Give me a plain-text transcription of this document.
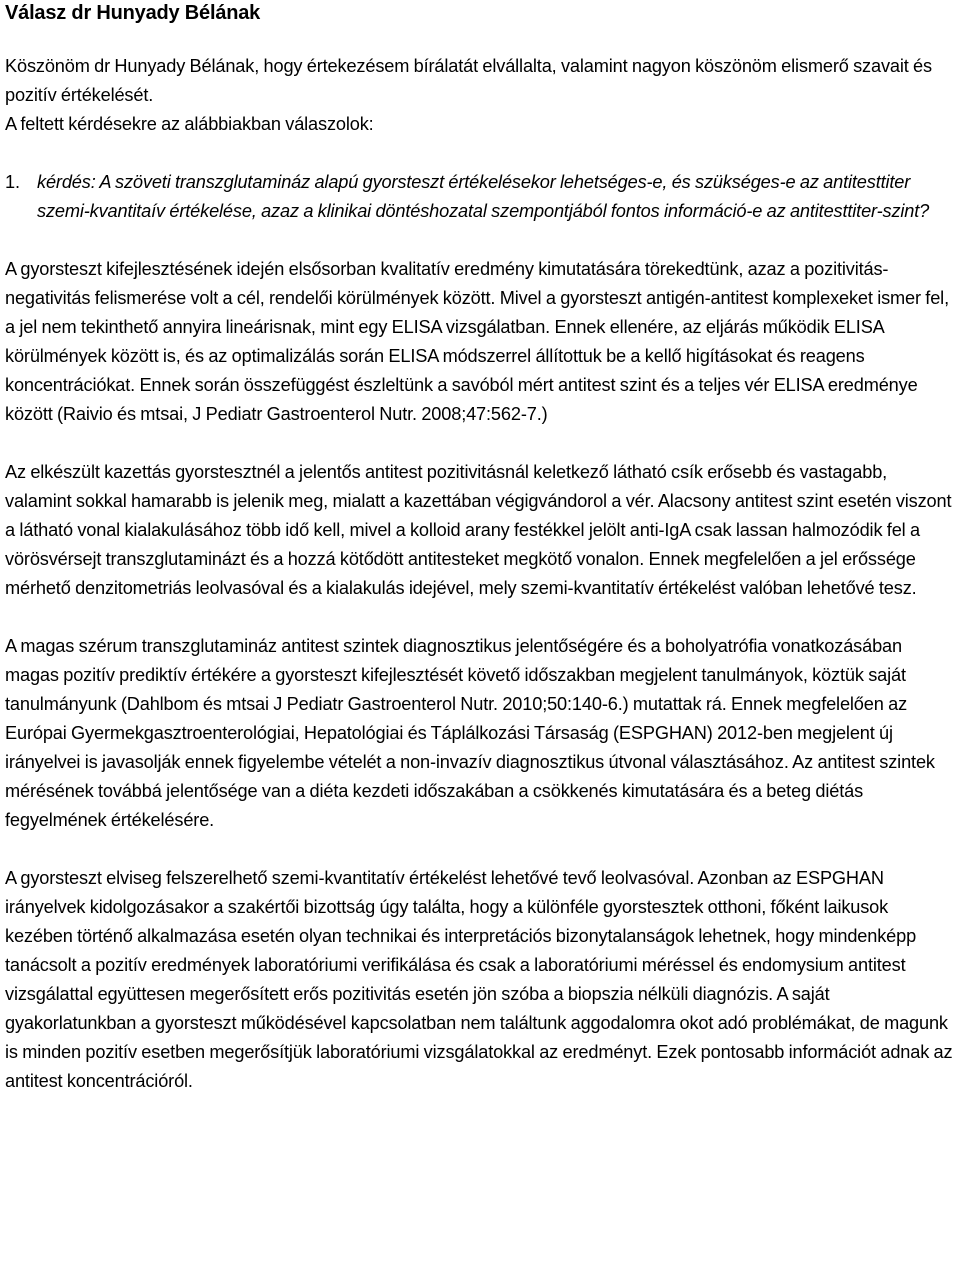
Válasz dr Hunyady Bélának

Köszönöm dr Hunyady Bélának, hogy értekezésem bírálatát elvállalta, valamint nagyon köszönöm elismerő szavait és pozitív értékelését.

A feltett kérdésekre az alábbiakban válaszolok:

1. kérdés: A szöveti transzglutamináz alapú gyorsteszt értékelésekor lehetséges-e, és szükséges-e az antitesttiter szemi-kvantitaív értékelése, azaz a klinikai döntéshozatal szempontjából fontos információ-e az antitesttiter-szint?

A gyorsteszt kifejlesztésének idején elsősorban kvalitatív eredmény kimutatására törekedtünk, azaz a pozitivitás-negativitás felismerése volt a cél, rendelői körülmények között. Mivel a gyorsteszt antigén-antitest komplexeket ismer fel, a jel nem tekinthető annyira lineárisnak, mint egy ELISA vizsgálatban. Ennek ellenére, az eljárás működik ELISA körülmények között is, és az optimalizálás során ELISA módszerrel állítottuk be a kellő higításokat és reagens koncentrációkat. Ennek során összefüggést észleltünk a savóból mért antitest szint és a teljes vér ELISA eredménye között (Raivio és mtsai, J Pediatr Gastroenterol Nutr. 2008;47:562-7.)

Az elkészült kazettás gyorstesztnél a jelentős antitest pozitivitásnál keletkező látható csík erősebb és vastagabb, valamint sokkal hamarabb is jelenik meg, mialatt a kazettában végigvándorol a vér. Alacsony antitest szint esetén viszont a látható vonal kialakulásához több idő kell, mivel a kolloid arany festékkel jelölt anti-IgA csak lassan halmozódik fel a vörösvérsejt transzglutaminázt és a hozzá kötődött antitesteket megkötő vonalon. Ennek megfelelően a jel erőssége mérhető denzitometriás leolvasóval és a kialakulás idejével, mely szemi-kvantitatív értékelést valóban lehetővé tesz.

A magas szérum transzglutamináz antitest szintek diagnosztikus jelentőségére és a boholyatrófia vonatkozásában magas pozitív prediktív értékére a gyorsteszt kifejlesztését követő időszakban megjelent tanulmányok, köztük saját tanulmányunk (Dahlbom és mtsai J Pediatr Gastroenterol Nutr. 2010;50:140-6.) mutattak rá. Ennek megfelelően az Európai Gyermekgasztroenterológiai, Hepatológiai és Táplálkozási Társaság (ESPGHAN) 2012-ben megjelent új irányelvei is javasolják ennek figyelembe vételét a non-invazív diagnosztikus útvonal választásához. Az antitest szintek mérésének továbbá jelentősége van a diéta kezdeti időszakában a csökkenés kimutatására és a beteg diétás fegyelmének értékelésére.

A gyorsteszt elviseg felszerelhető szemi-kvantitatív értékelést lehetővé tevő leolvasóval. Azonban az ESPGHAN irányelvek kidolgozásakor a szakértői bizottság úgy találta, hogy a különféle gyorstesztek otthoni, főként laikusok kezében történő alkalmazása esetén olyan technikai és interpretációs bizonytalanságok lehetnek, hogy mindenképp tanácsolt a pozitív eredmények laboratóriumi verifikálása és csak a laboratóriumi méréssel és endomysium antitest vizsgálattal együttesen megerősített erős pozitivitás esetén jön szóba a biopszia nélküli diagnózis. A saját gyakorlatunkban a gyorsteszt működésével kapcsolatban nem találtunk aggodalomra okot adó problémákat, de magunk is minden pozitív esetben megerősítjük laboratóriumi vizsgálatokkal az eredményt. Ezek pontosabb információt adnak az antitest koncentrációról.
